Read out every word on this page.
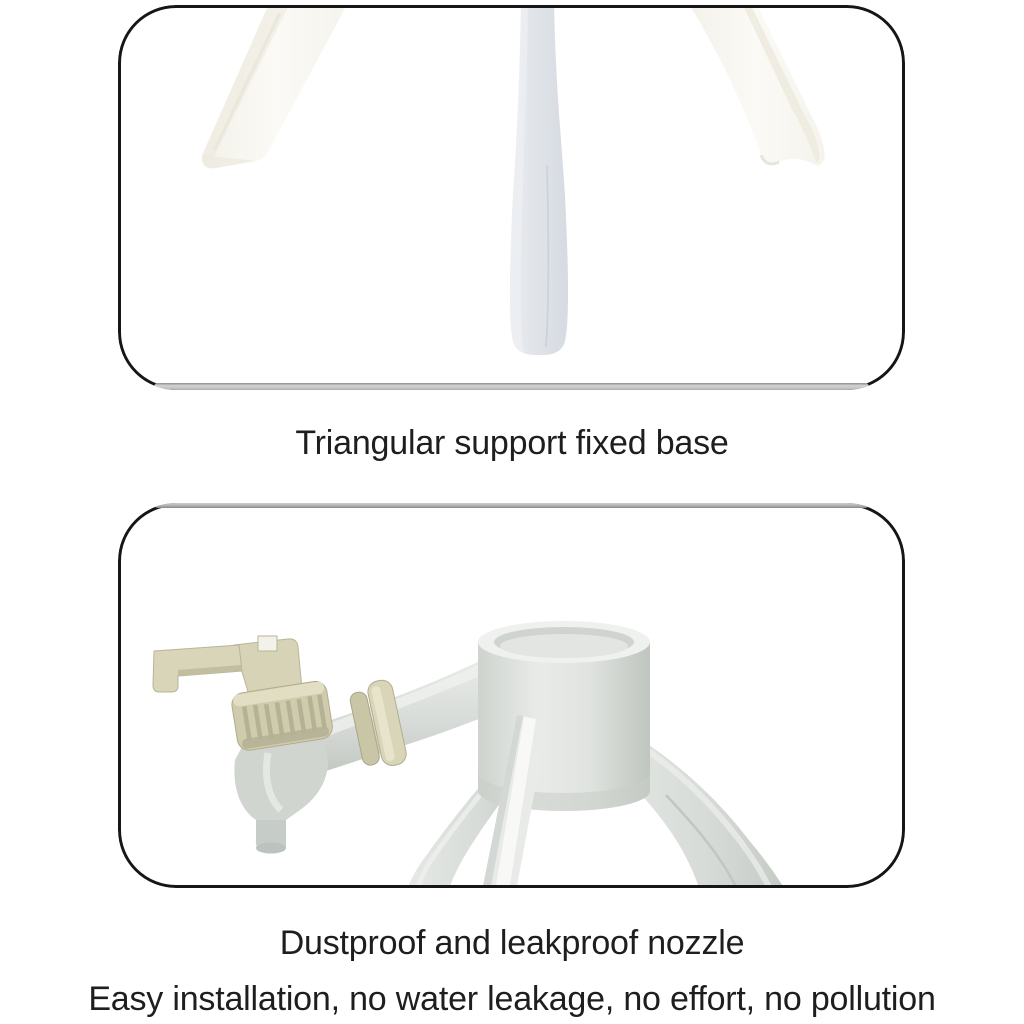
Triangular support fixed base
Dustproof and leakproof nozzle
Easy installation, no water leakage, no effort, no pollution
